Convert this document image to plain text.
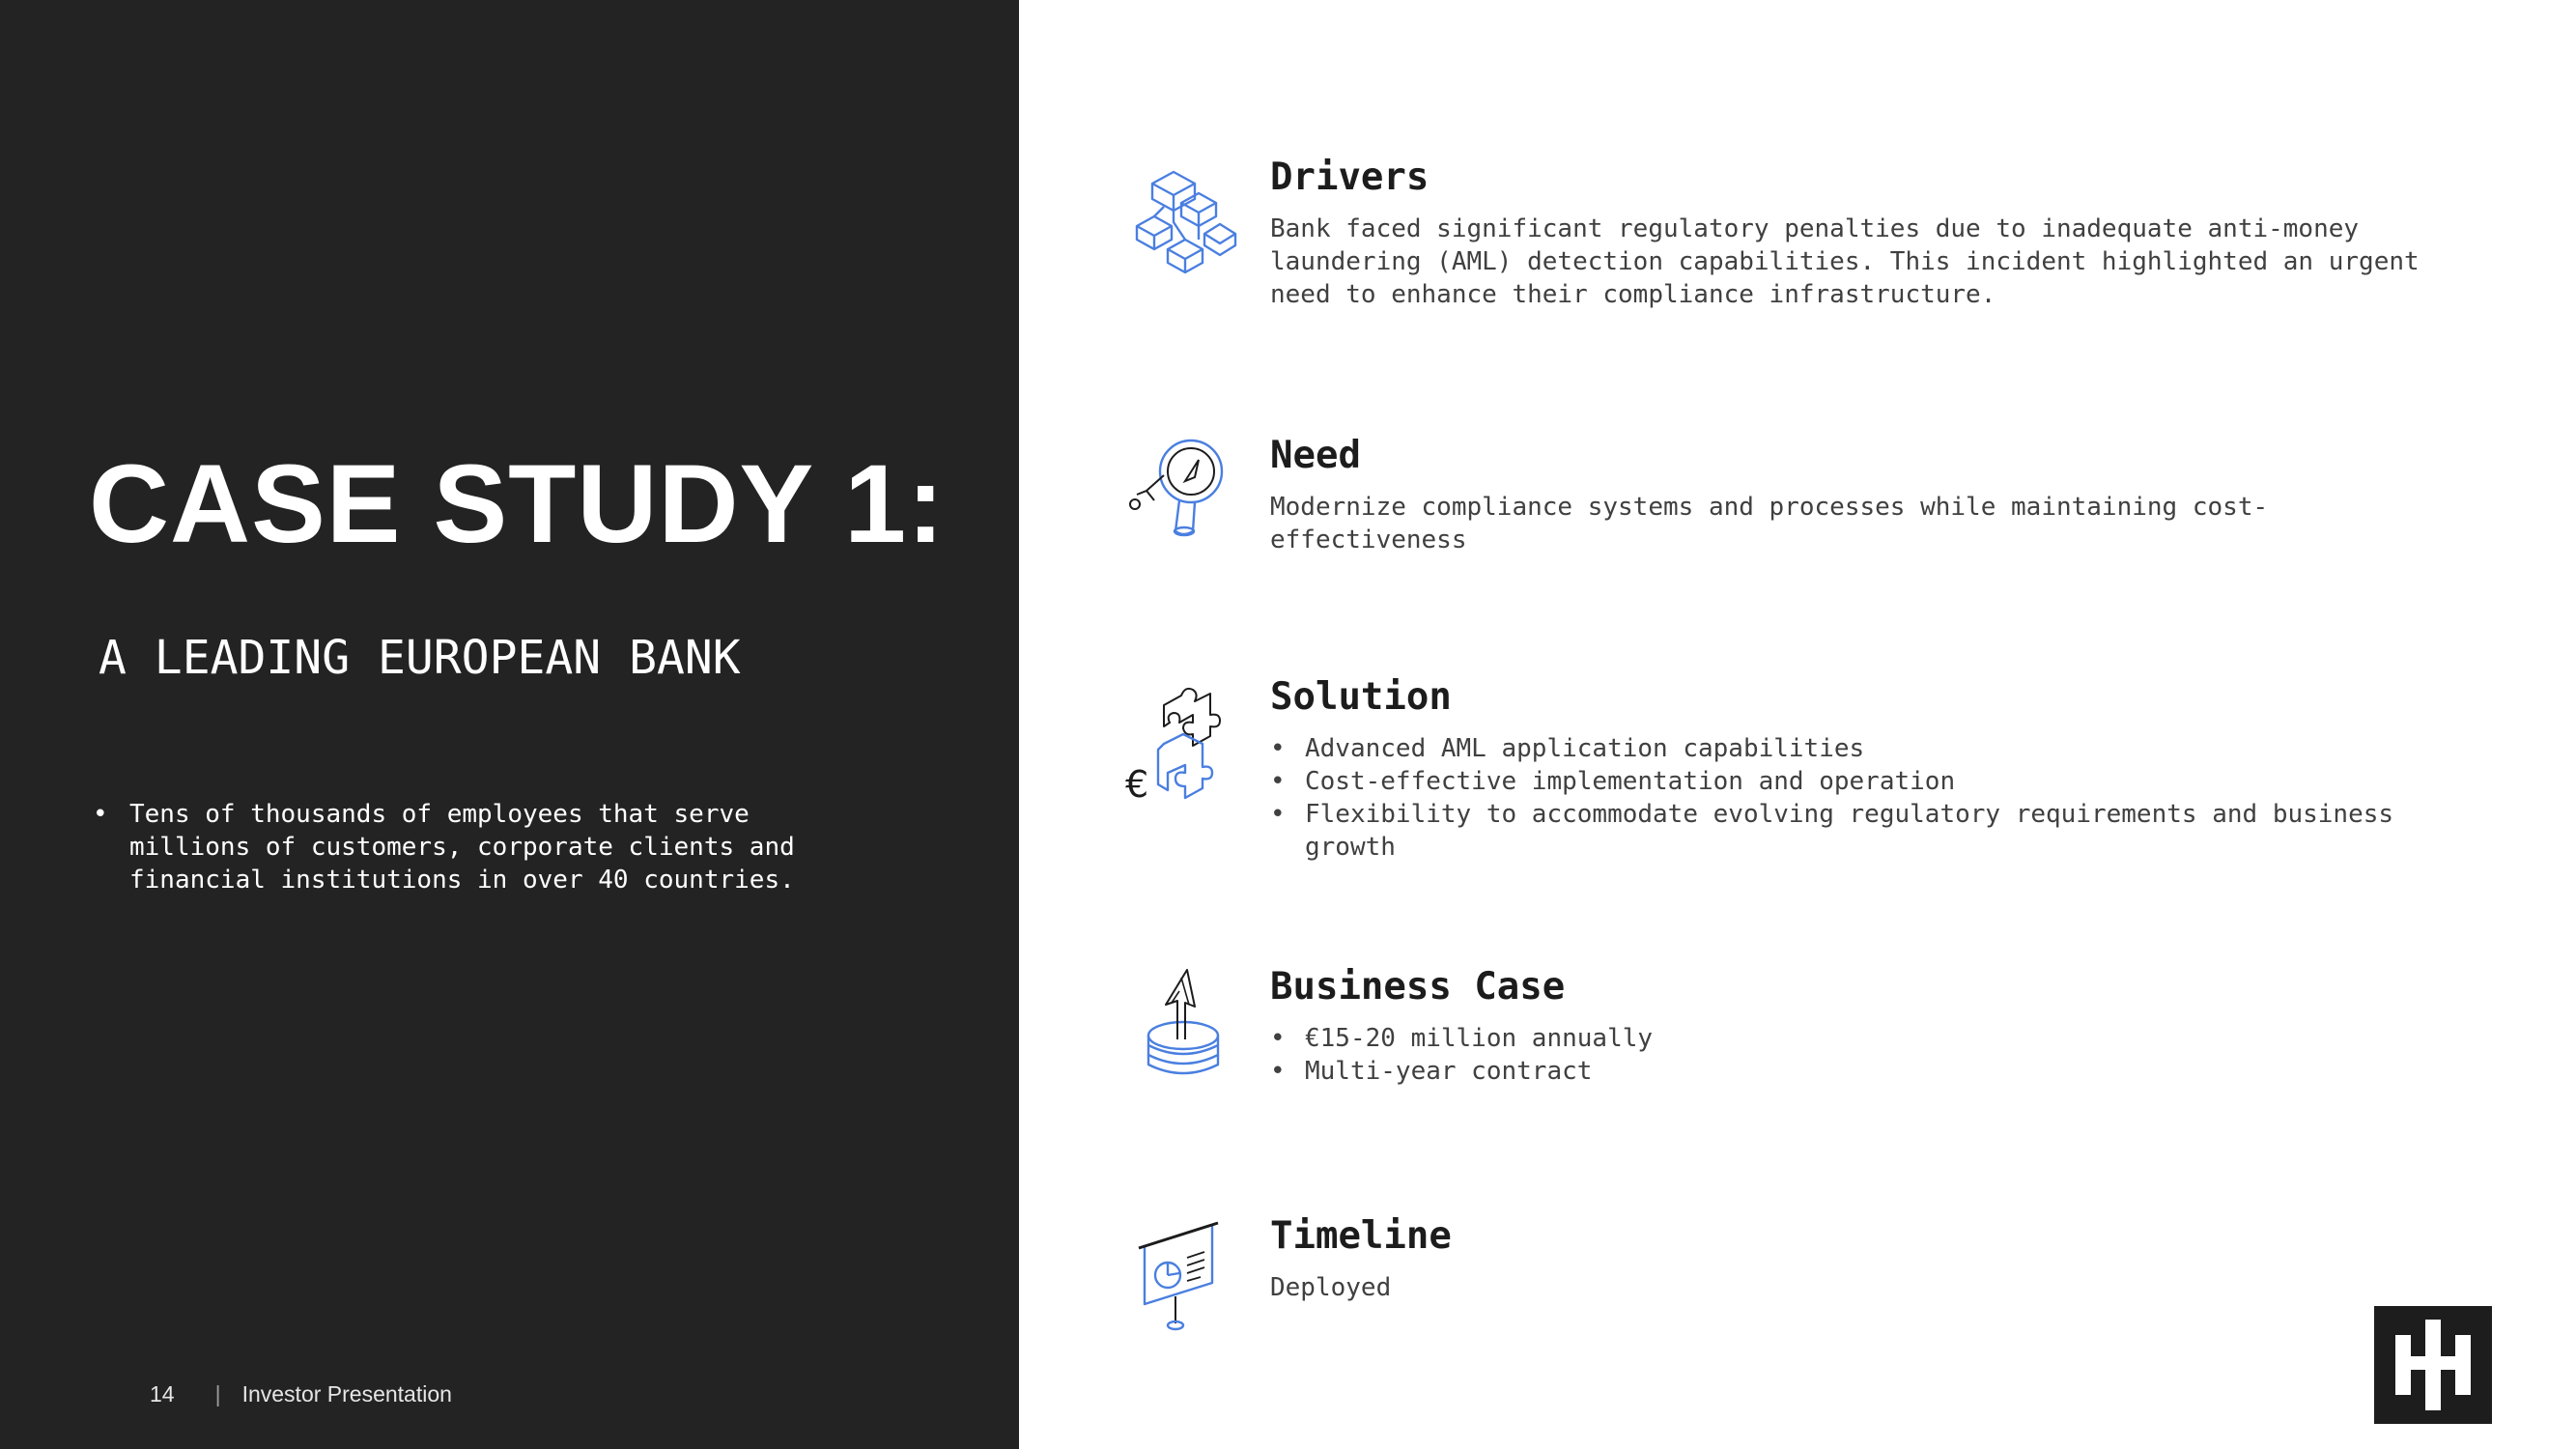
CASE STUDY 1:
A LEADING EUROPEAN BANK
• Tens of thousands of employees that serve millions of customers, corporate clients and financial institutions in over 40 countries.
14 | Investor Presentation
Drivers

Bank faced significant regulatory penalties due to inadequate anti-money laundering (AML) detection capabilities. This incident highlighted an urgent need to enhance their compliance infrastructure.

Need

Modernize compliance systems and processes while maintaining cost-effectiveness

€
Solution
• Advanced AML application capabilities
• Cost-effective implementation and operation
• Flexibility to accommodate evolving regulatory requirements and business growth
Business Case
• €15-20 million annually
• Multi-year contract
Timeline

Deployed
